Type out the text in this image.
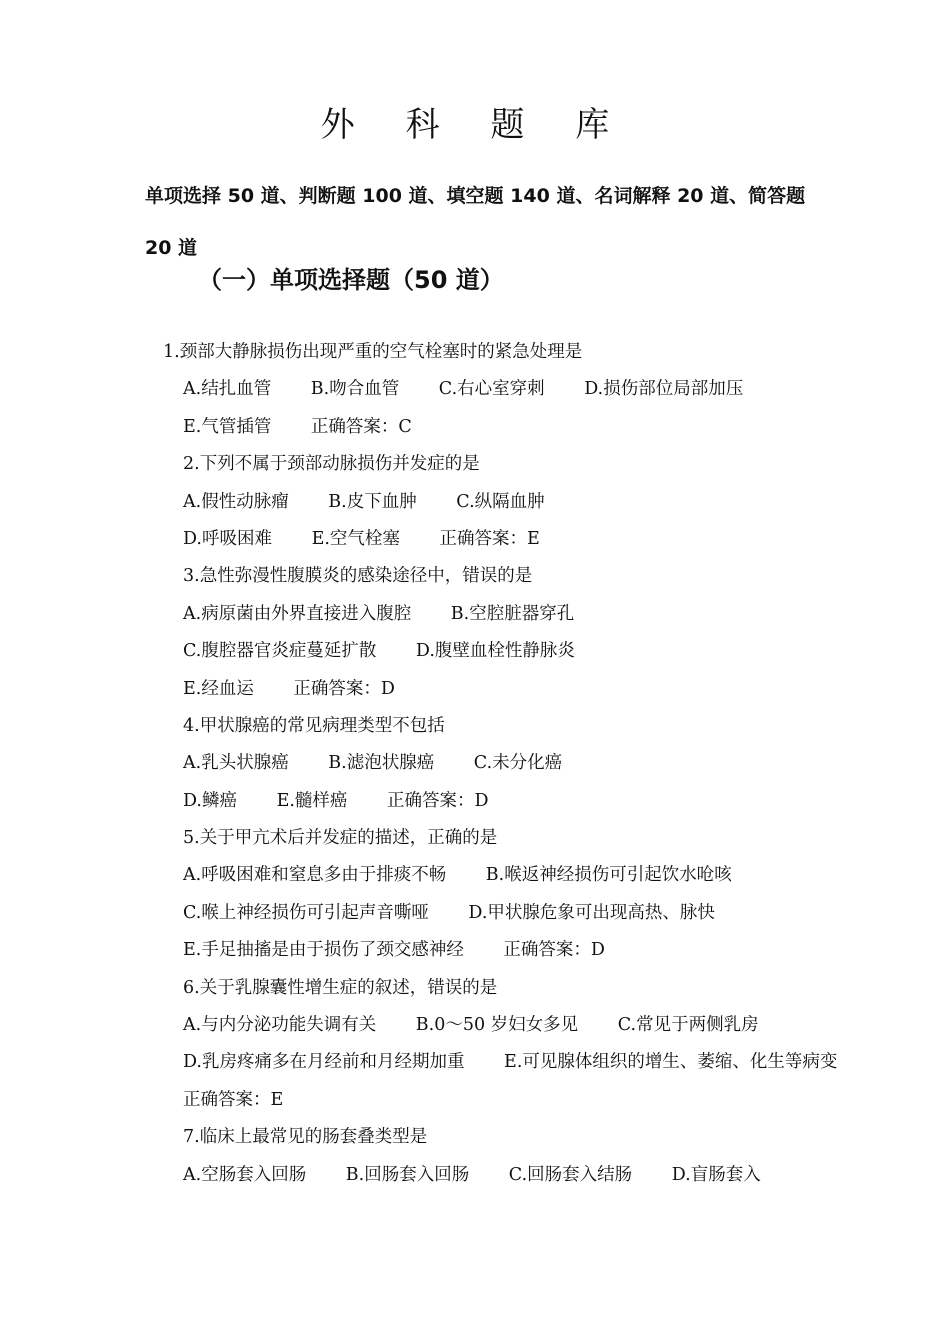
外 科 题 库

单项选择 50 道、判断题 100 道、填空题 140 道、名词解释 20 道、简答题 20 道

（一）单项选择题（50 道）

1.颈部大静脉损伤出现严重的空气栓塞时的紧急处理是
A.结扎血管 B.吻合血管 C.右心室穿刺 D.损伤部位局部加压
E.气管插管 正确答案：C
2.下列不属于颈部动脉损伤并发症的是
A.假性动脉瘤 B.皮下血肿 C.纵隔血肿
D.呼吸困难 E.空气栓塞 正确答案：E
3.急性弥漫性腹膜炎的感染途径中，错误的是
A.病原菌由外界直接进入腹腔 B.空腔脏器穿孔
C.腹腔器官炎症蔓延扩散 D.腹壁血栓性静脉炎
E.经血运 正确答案：D
4.甲状腺癌的常见病理类型不包括
A.乳头状腺癌 B.滤泡状腺癌 C.未分化癌
D.鳞癌 E.髓样癌 正确答案：D
5.关于甲亢术后并发症的描述，正确的是
A.呼吸困难和窒息多由于排痰不畅 B.喉返神经损伤可引起饮水呛咳
C.喉上神经损伤可引起声音嘶哑 D.甲状腺危象可出现高热、脉快
E.手足抽搐是由于损伤了颈交感神经 正确答案：D
6.关于乳腺囊性增生症的叙述，错误的是
A.与内分泌功能失调有关 B.0～50 岁妇女多见 C.常见于两侧乳房
D.乳房疼痛多在月经前和月经期加重 E.可见腺体组织的增生、萎缩、化生等病变
正确答案：E
7.临床上最常见的肠套叠类型是
A.空肠套入回肠 B.回肠套入回肠 C.回肠套入结肠 D.盲肠套入
